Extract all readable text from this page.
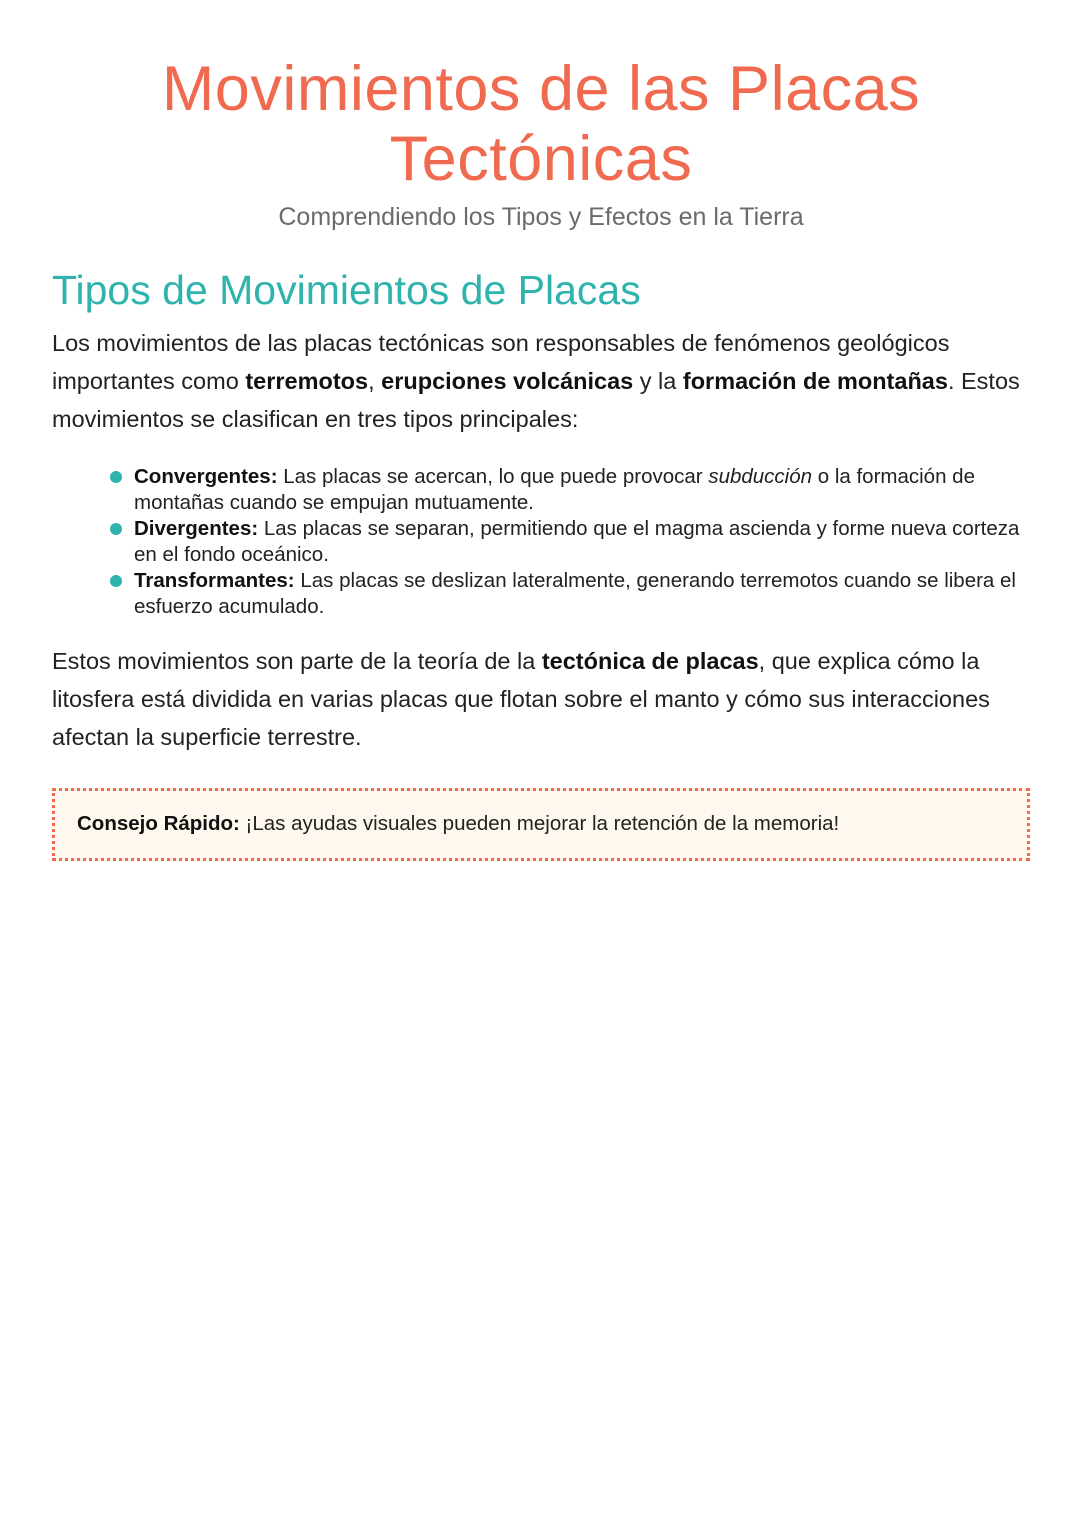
Movimientos de las Placas Tectónicas
Comprendiendo los Tipos y Efectos en la Tierra
Tipos de Movimientos de Placas

Los movimientos de las placas tectónicas son responsables de fenómenos geológicos importantes como terremotos, erupciones volcánicas y la formación de montañas. Estos movimientos se clasifican en tres tipos principales:

Convergentes: Las placas se acercan, lo que puede provocar subducción o la formación de montañas cuando se empujan mutuamente.
Divergentes: Las placas se separan, permitiendo que el magma ascienda y forme nueva corteza en el fondo oceánico.
Transformantes: Las placas se deslizan lateralmente, generando terremotos cuando se libera el esfuerzo acumulado.

Estos movimientos son parte de la teoría de la tectónica de placas, que explica cómo la litosfera está dividida en varias placas que flotan sobre el manto y cómo sus interacciones afectan la superficie terrestre.

Consejo Rápido: ¡Las ayudas visuales pueden mejorar la retención de la memoria!
